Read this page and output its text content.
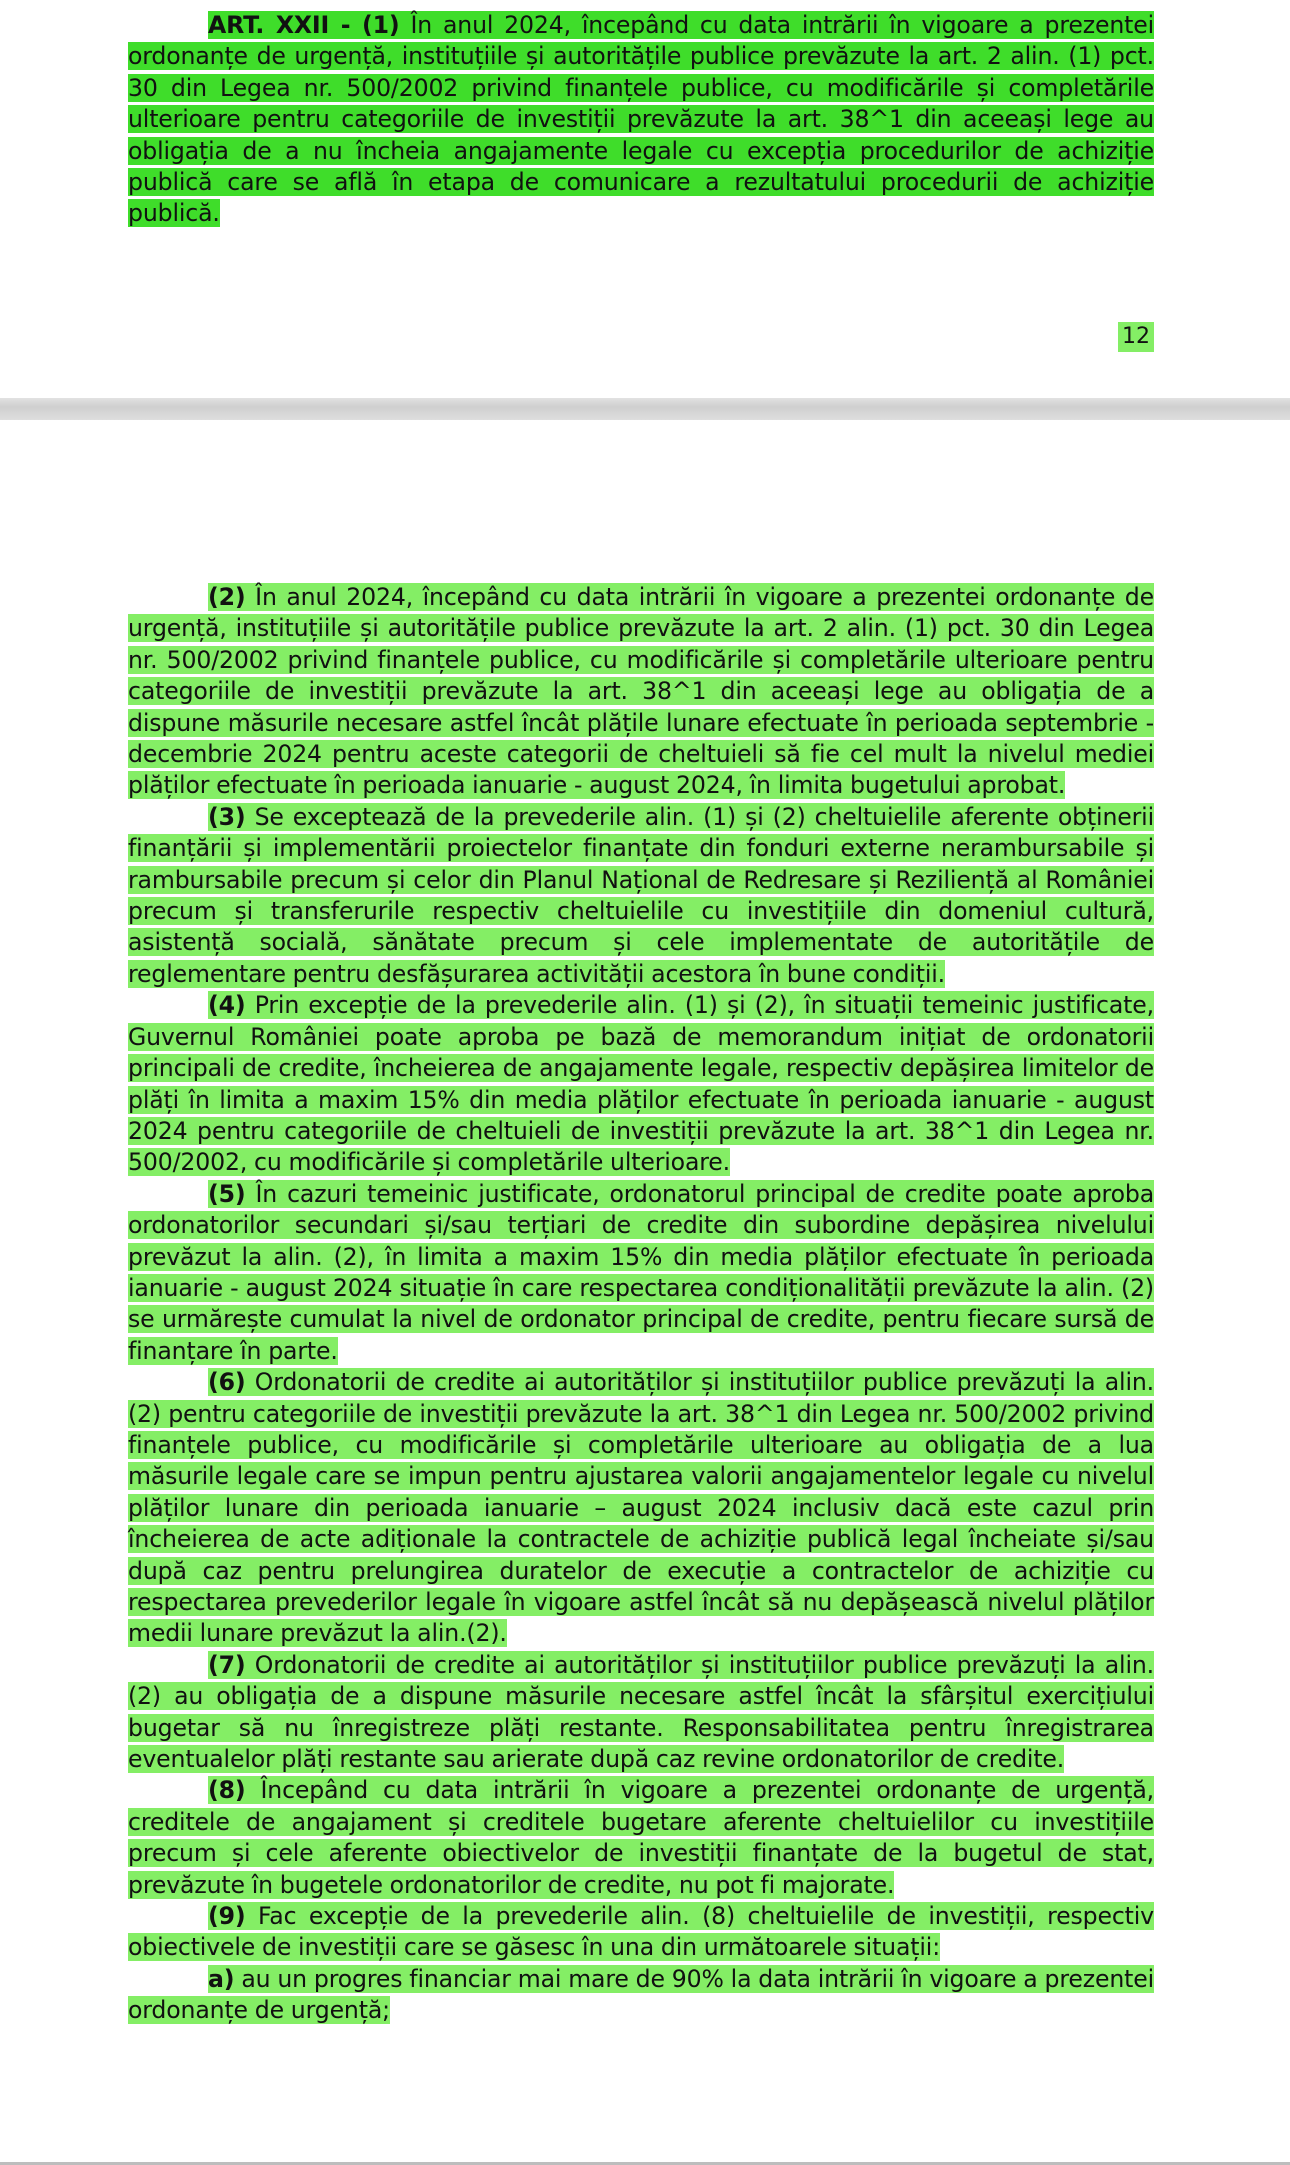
ART. XXII - (1) În anul 2024, începând cu data intrării în vigoare a prezentei ordonanțe de urgență, instituțiile și autoritățile publice prevăzute la art. 2 alin. (1) pct. 30 din Legea nr. 500/2002 privind finanțele publice, cu modificările și completările ulterioare pentru categoriile de investiții prevăzute la art. 38^1 din aceeași lege au obligația de a nu încheia angajamente legale cu excepția procedurilor de achiziție publică care se află în etapa de comunicare a rezultatului procedurii de achiziție publică.

12

(2) În anul 2024, începând cu data intrării în vigoare a prezentei ordonanțe de urgență, instituțiile și autoritățile publice prevăzute la art. 2 alin. (1) pct. 30 din Legea nr. 500/2002 privind finanțele publice, cu modificările și completările ulterioare pentru categoriile de investiții prevăzute la art. 38^1 din aceeași lege au obligația de a dispune măsurile necesare astfel încât plățile lunare efectuate în perioada septembrie - decembrie 2024 pentru aceste categorii de cheltuieli să fie cel mult la nivelul mediei plăților efectuate în perioada ianuarie - august 2024, în limita bugetului aprobat.

(3) Se exceptează de la prevederile alin. (1) și (2) cheltuielile aferente obținerii finanțării și implementării proiectelor finanțate din fonduri externe nerambursabile și rambursabile precum și celor din Planul Național de Redresare și Reziliență al României precum și transferurile respectiv cheltuielile cu investițiile din domeniul cultură, asistență socială, sănătate precum și cele implementate de autoritățile de reglementare pentru desfășurarea activității acestora în bune condiții.

(4) Prin excepție de la prevederile alin. (1) și (2), în situații temeinic justificate, Guvernul României poate aproba pe bază de memorandum inițiat de ordonatorii principali de credite, încheierea de angajamente legale, respectiv depășirea limitelor de plăți în limita a maxim 15% din media plăților efectuate în perioada ianuarie - august 2024 pentru categoriile de cheltuieli de investiții prevăzute la art. 38^1 din Legea nr. 500/2002, cu modificările și completările ulterioare.

(5) În cazuri temeinic justificate, ordonatorul principal de credite poate aproba ordonatorilor secundari și/sau terțiari de credite din subordine depășirea nivelului prevăzut la alin. (2), în limita a maxim 15% din media plăților efectuate în perioada ianuarie - august 2024 situație în care respectarea condiționalității prevăzute la alin. (2) se urmărește cumulat la nivel de ordonator principal de credite, pentru fiecare sursă de finanțare în parte.

(6) Ordonatorii de credite ai autorităților și instituțiilor publice prevăzuți la alin.(2) pentru categoriile de investiții prevăzute la art. 38^1 din Legea nr. 500/2002 privind finanțele publice, cu modificările și completările ulterioare au obligația de a lua măsurile legale care se impun pentru ajustarea valorii angajamentelor legale cu nivelul plăților lunare din perioada ianuarie – august 2024 inclusiv dacă este cazul prin încheierea de acte adiționale la contractele de achiziție publică legal încheiate și/sau după caz pentru prelungirea duratelor de execuție a contractelor de achiziție cu respectarea prevederilor legale în vigoare astfel încât să nu depășească nivelul plăților medii lunare prevăzut la alin.(2).

(7) Ordonatorii de credite ai autorităților și instituțiilor publice prevăzuți la alin.(2) au obligația de a dispune măsurile necesare astfel încât la sfârșitul exercițiului bugetar să nu înregistreze plăți restante. Responsabilitatea pentru înregistrarea eventualelor plăți restante sau arierate după caz revine ordonatorilor de credite.

(8) Începând cu data intrării în vigoare a prezentei ordonanțe de urgență, creditele de angajament și creditele bugetare aferente cheltuielilor cu investițiile precum și cele aferente obiectivelor de investiții finanțate de la bugetul de stat, prevăzute în bugetele ordonatorilor de credite, nu pot fi majorate.

(9) Fac excepție de la prevederile alin. (8) cheltuielile de investiții, respectiv obiectivele de investiții care se găsesc în una din următoarele situații:

a) au un progres financiar mai mare de 90% la data intrării în vigoare a prezentei ordonanțe de urgență;
